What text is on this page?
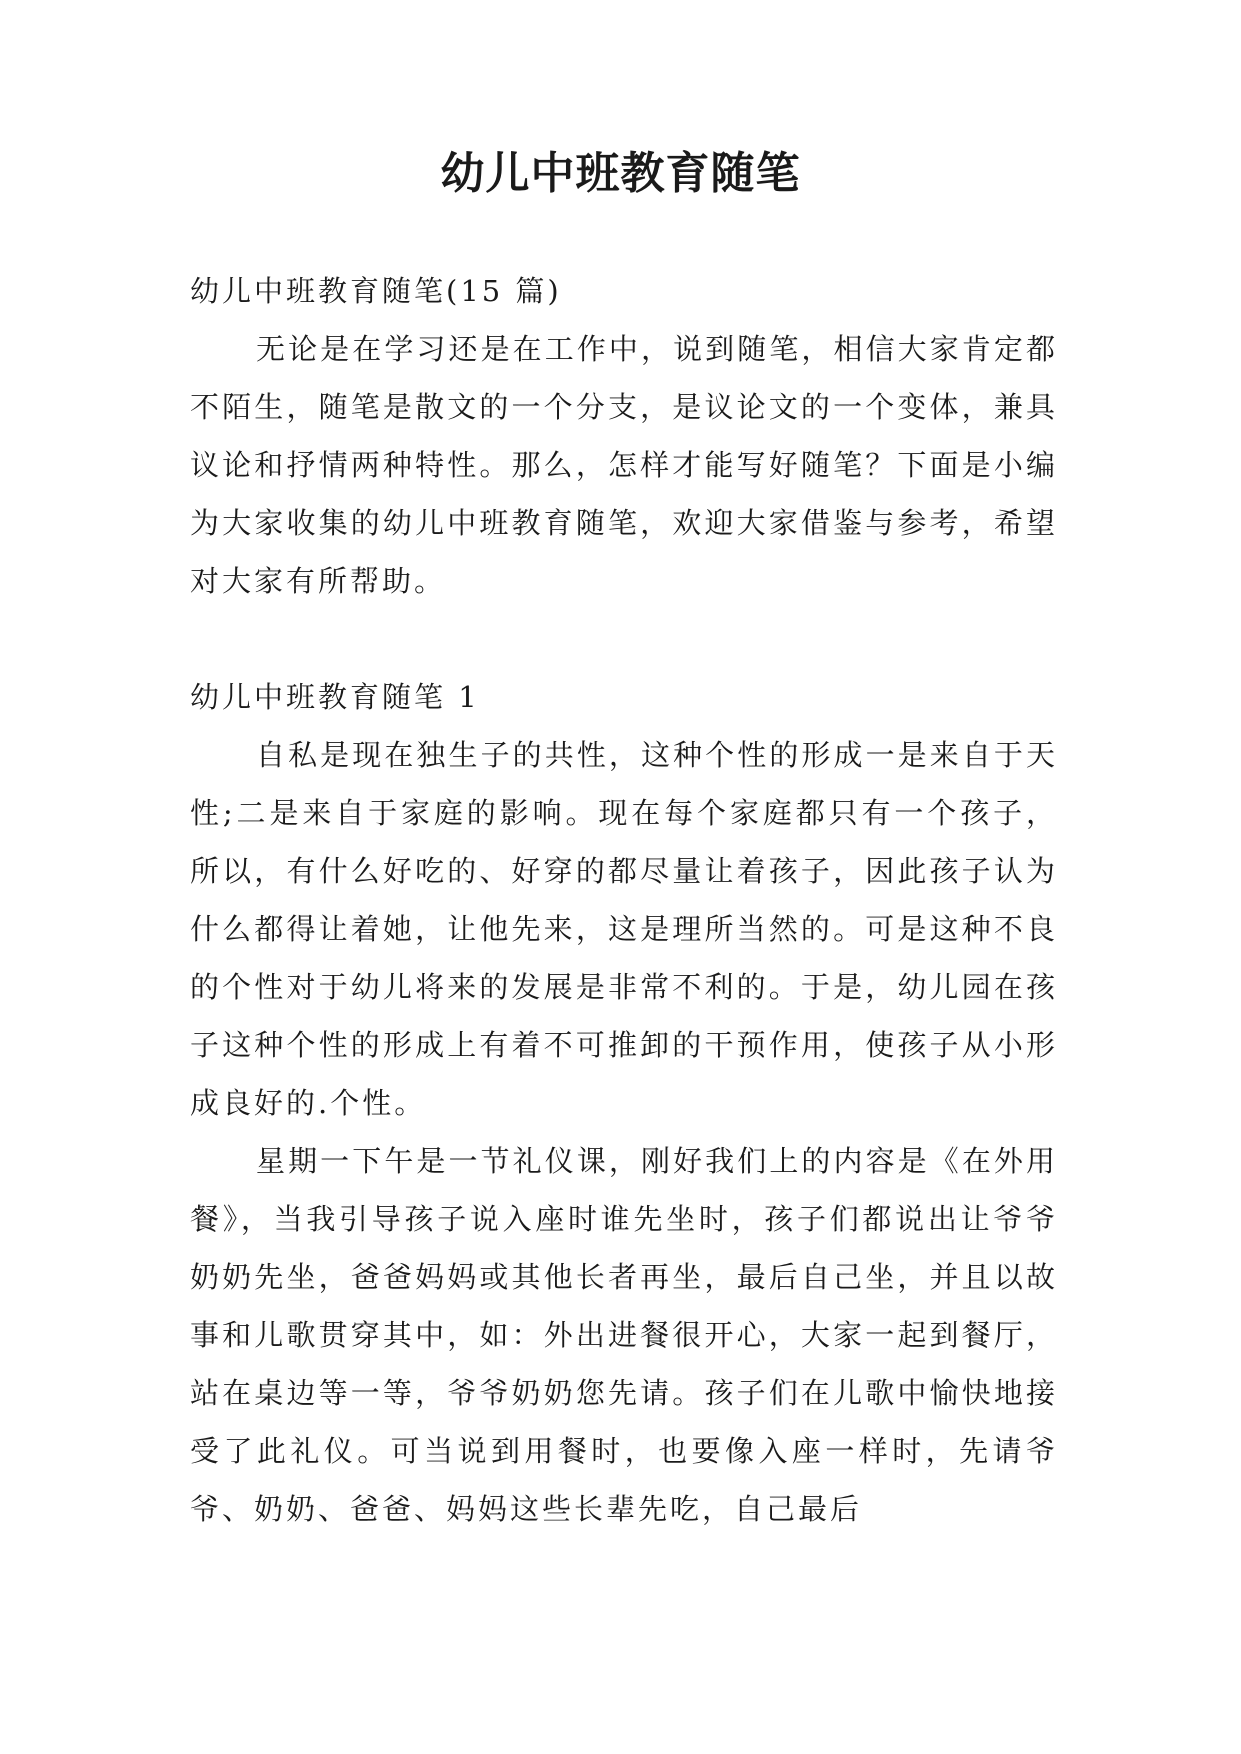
幼儿中班教育随笔

幼儿中班教育随笔(15 篇)

无论是在学习还是在工作中，说到随笔，相信大家肯定都不陌生，随笔是散文的一个分支，是议论文的一个变体，兼具议论和抒情两种特性。那么，怎样才能写好随笔？下面是小编为大家收集的幼儿中班教育随笔，欢迎大家借鉴与参考，希望对大家有所帮助。

幼儿中班教育随笔 1

自私是现在独生子的共性，这种个性的形成一是来自于天性;二是来自于家庭的影响。现在每个家庭都只有一个孩子，所以，有什么好吃的、好穿的都尽量让着孩子，因此孩子认为什么都得让着她，让他先来，这是理所当然的。可是这种不良的个性对于幼儿将来的发展是非常不利的。于是，幼儿园在孩子这种个性的形成上有着不可推卸的干预作用，使孩子从小形成良好的.个性。

星期一下午是一节礼仪课，刚好我们上的内容是《在外用餐》，当我引导孩子说入座时谁先坐时，孩子们都说出让爷爷奶奶先坐，爸爸妈妈或其他长者再坐，最后自己坐，并且以故事和儿歌贯穿其中，如：外出进餐很开心，大家一起到餐厅，站在桌边等一等，爷爷奶奶您先请。孩子们在儿歌中愉快地接受了此礼仪。可当说到用餐时，也要像入座一样时，先请爷爷、奶奶、爸爸、妈妈这些长辈先吃，自己最后
